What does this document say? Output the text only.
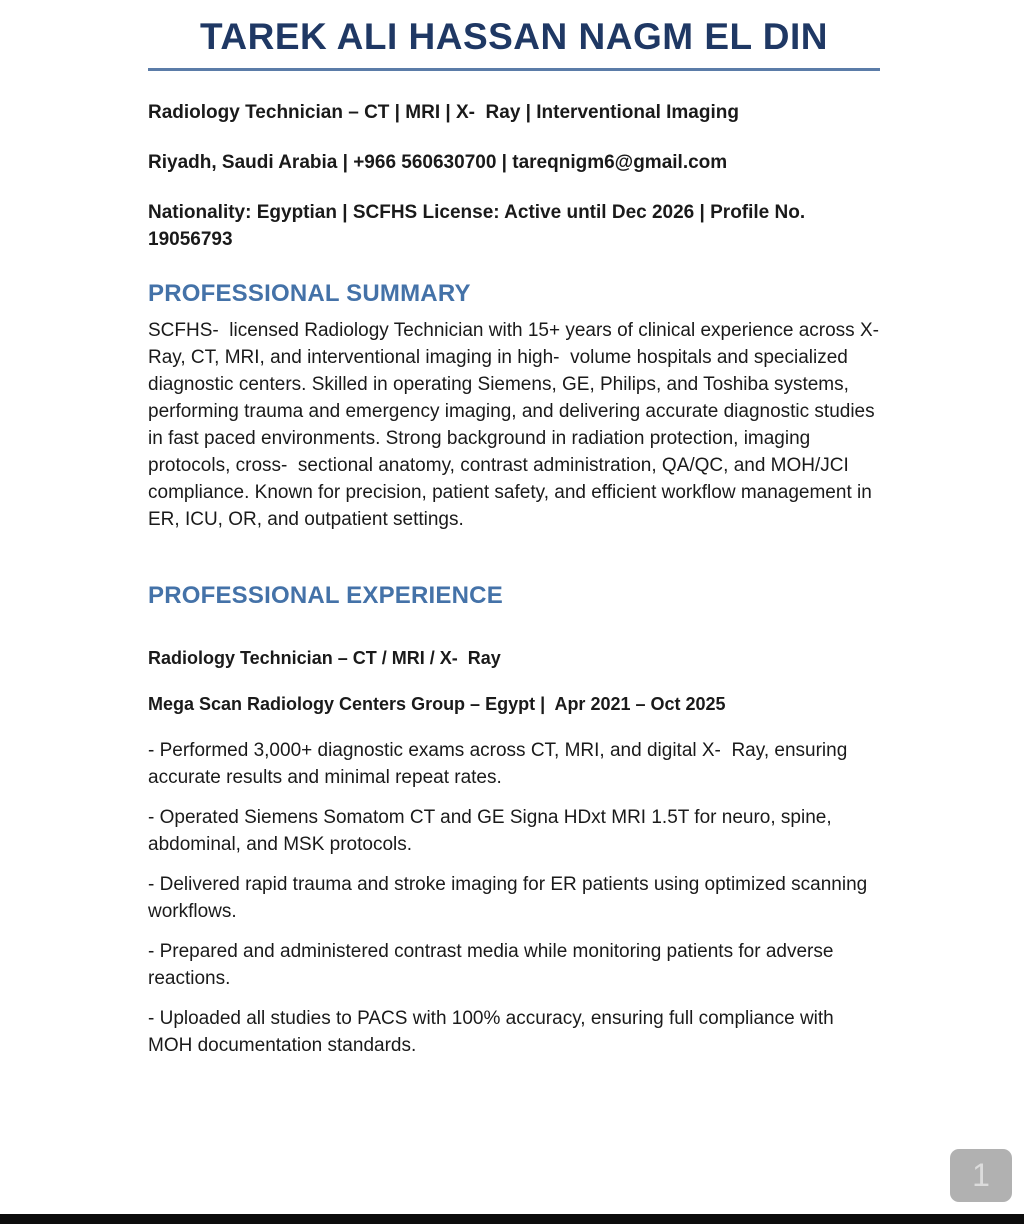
TAREK ALI HASSAN NAGM EL DIN

Radiology Technician – CT | MRI | X-  Ray | Interventional Imaging

Riyadh, Saudi Arabia | +966 560630700 | tareqnigm6@gmail.com

Nationality: Egyptian | SCFHS License: Active until Dec 2026 | Profile No. 19056793

PROFESSIONAL SUMMARY

SCFHS-  licensed Radiology Technician with 15+ years of clinical experience across X-  Ray, CT, MRI, and interventional imaging in high-  volume hospitals and specialized diagnostic centers. Skilled in operating Siemens, GE, Philips, and Toshiba systems, performing trauma and emergency imaging, and delivering accurate diagnostic studies in fast paced environments. Strong background in radiation protection, imaging protocols, cross-  sectional anatomy, contrast administration, QA/QC, and MOH/JCI compliance. Known for precision, patient safety, and efficient workflow management in ER, ICU, OR, and outpatient settings.

PROFESSIONAL EXPERIENCE

Radiology Technician – CT / MRI / X-  Ray

Mega Scan Radiology Centers Group – Egypt |  Apr 2021 – Oct 2025

- Performed 3,000+ diagnostic exams across CT, MRI, and digital X-  Ray, ensuring accurate results and minimal repeat rates.

- Operated Siemens Somatom CT and GE Signa HDxt MRI 1.5T for neuro, spine, abdominal, and MSK protocols.

- Delivered rapid trauma and stroke imaging for ER patients using optimized scanning workflows.

- Prepared and administered contrast media while monitoring patients for adverse reactions.

- Uploaded all studies to PACS with 100% accuracy, ensuring full compliance with MOH documentation standards.

1
